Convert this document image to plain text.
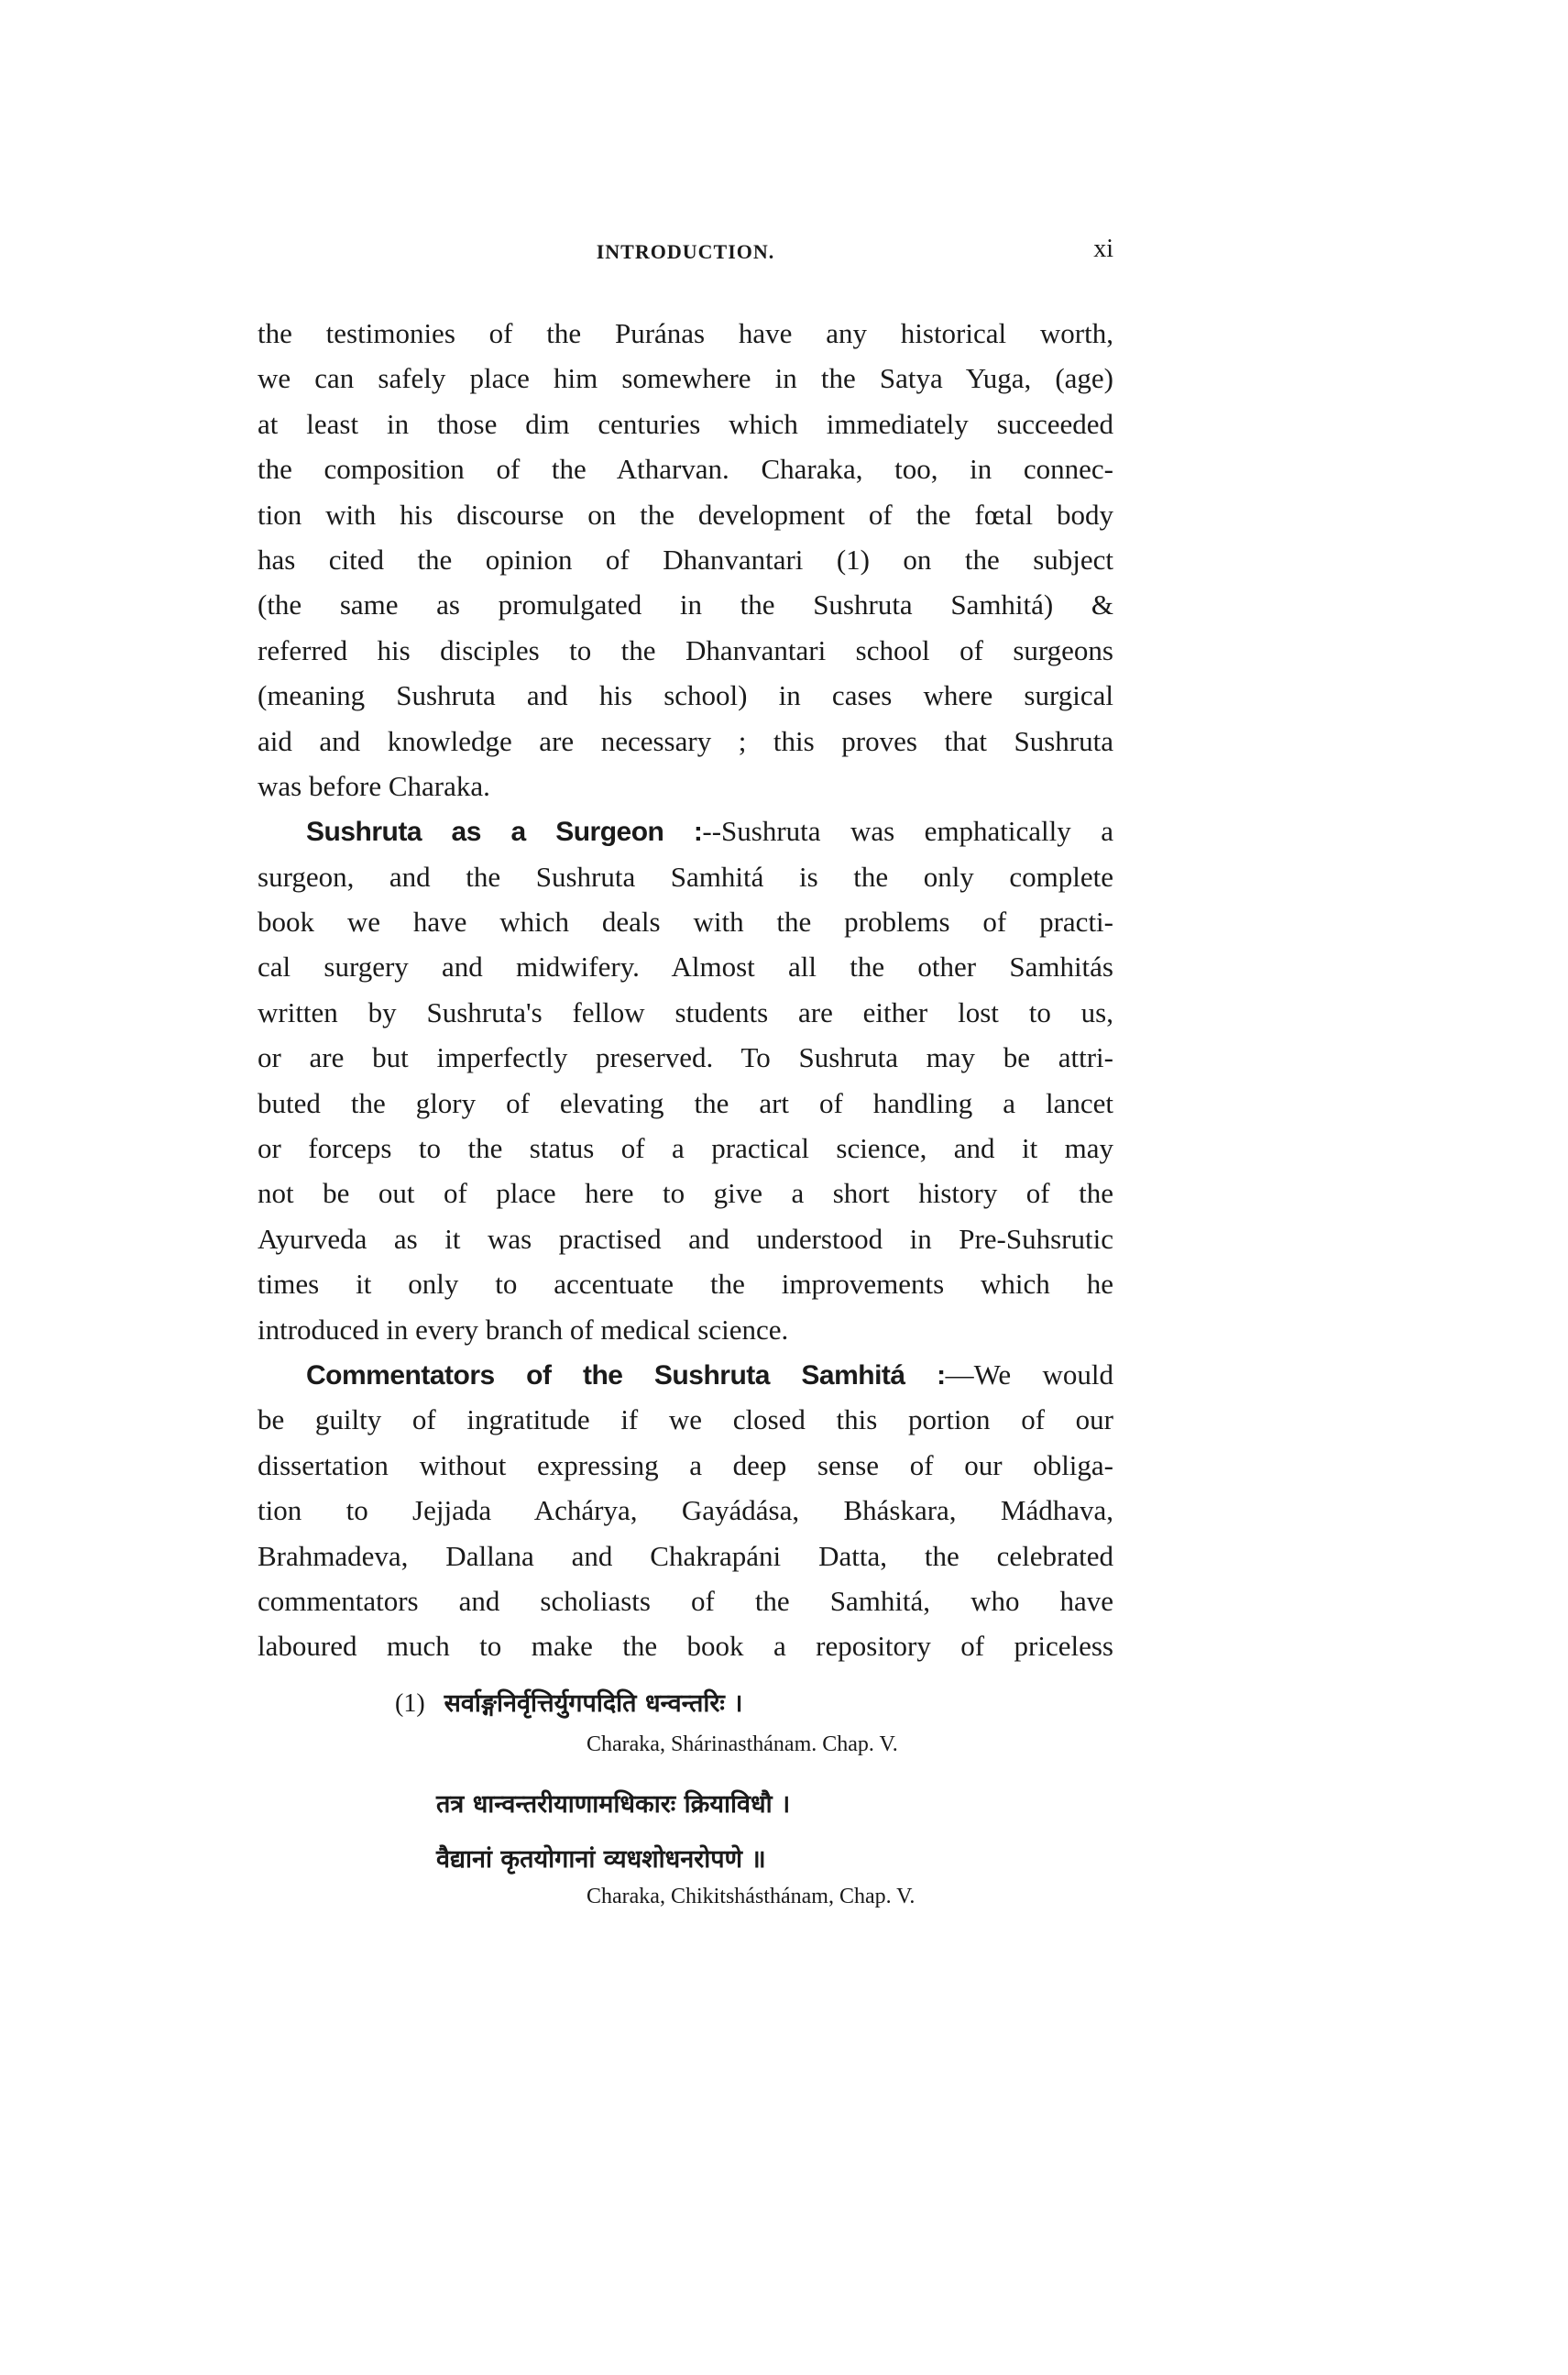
INTRODUCTION.	xi
the testimonies of the Puránas have any historical worth,
we can safely place him somewhere in the Satya Yuga, (age)
at least in those dim centuries which immediately succeeded
the composition of the Atharvan. Charaka, too, in connec-
tion with his discourse on the development of the fœtal body
has cited the opinion of Dhanvantari (1) on the subject
(the same as promulgated in the Sushruta Samhitá) &
referred his disciples to the Dhanvantari school of surgeons
(meaning Sushruta and his school) in cases where surgical
aid and knowledge are necessary ; this proves that Sushruta
was before Charaka.
Sushruta as a Surgeon :--Sushruta was emphatically a
surgeon, and the Sushruta Samhitá is the only complete
book we have which deals with the problems of practi-
cal surgery and midwifery. Almost all the other Samhitás
written by Sushruta's fellow students are either lost to us,
or are but imperfectly preserved. To Sushruta may be attri-
buted the glory of elevating the art of handling a lancet
or forceps to the status of a practical science, and it may
not be out of place here to give a short history of the
Ayurveda as it was practised and understood in Pre-Suhsrutic
times it only to accentuate the improvements which he
introduced in every branch of medical science.
Commentators of the Sushruta Samhitá :—We would
be guilty of ingratitude if we closed this portion of our
dissertation without expressing a deep sense of our obliga-
tion to Jejjada Achárya, Gayádása, Bháskara, Mádhava,
Brahmadeva, Dallana and Chakrapáni Datta, the celebrated
commentators and scholiasts of the Samhitá, who have
laboured much to make the book a repository of priceless
(1) सर्वाङ्गनिर्वृत्तिर्युगपदिति धन्वन्तरिः ।
Charaka, Shárinasthánam. Chap. V.
तत्र धान्वन्तरीयाणामधिकारः क्रियाविधौ ।
वैद्यानां कृतयोगानां व्यधशोधनरोपणे ॥
Charaka, Chikitshásthánam, Chap. V.
